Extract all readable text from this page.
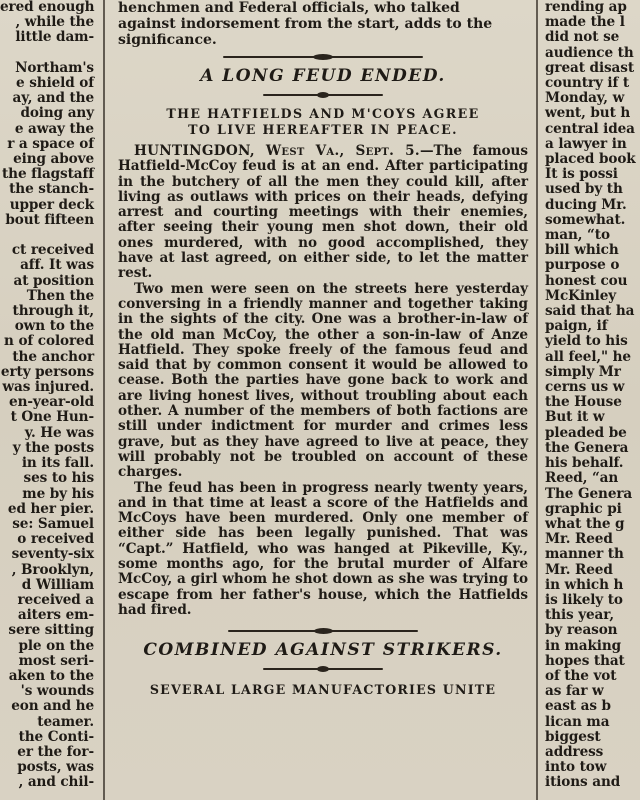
ered enough
, while the
little dam-

Northam's
e shield of
ay, and the
doing any
e away the
r a space of
eing above
the flagstaff
the stanch-
upper deck
bout fifteen

ct received
aff. It was
at position
Then the
through it,
own to the
n of colored
the anchor
erty persons
was injured.
en-year-old
t One Hun-
y. He was
y the posts
in its fall.
ses to his
me by his
ed her pier.
se: Samuel
o received
seventy-six
, Brooklyn,
d William
received a
aiters em-
sere sitting
ple on the
most seri-
aken to the
's wounds
eon and he
teamer.
the Conti-
er the for-
posts, was
, and chil-
henchmen and Federal officials, who talked
against indorsement from the start, adds to the
significance.
A LONG FEUD ENDED.
THE HATFIELDS AND M'COYS AGREE
TO LIVE HEREAFTER IN PEACE.

HUNTINGDON, West Va., Sept. 5.—The famous Hatfield-McCoy feud is at an end. After participating in the butchery of all the men they could kill, after living as outlaws with prices on their heads, defying arrest and courting meetings with their enemies, after seeing their young men shot down, their old ones murdered, with no good accomplished, they have at last agreed, on either side, to let the matter rest.

Two men were seen on the streets here yesterday conversing in a friendly manner and together taking in the sights of the city. One was a brother-in-law of the old man McCoy, the other a son-in-law of Anze Hatfield. They spoke freely of the famous feud and said that by common consent it would be allowed to cease. Both the parties have gone back to work and are living honest lives, without troubling about each other. A number of the members of both factions are still under indictment for murder and crimes less grave, but as they have agreed to live at peace, they will probably not be troubled on account of these charges.

The feud has been in progress nearly twenty years, and in that time at least a score of the Hatfields and McCoys have been murdered. Only one member of either side has been legally punished. That was “Capt.” Hatfield, who was hanged at Pikeville, Ky., some months ago, for the brutal murder of Alfare McCoy, a girl whom he shot down as she was trying to escape from her father's house, which the Hatfields had fired.

COMBINED AGAINST STRIKERS.
SEVERAL LARGE MANUFACTORIES UNITE
rending ap
made the l
did not se
audience th
great disast
country if t
Monday, w
went, but h
central idea
a lawyer in
placed book
It is possi
used by th
ducing Mr.
somewhat.
man, “to
bill which
purpose o
honest cou
McKinley
said that ha
paign, if
yield to his
all feel," he
simply Mr
cerns us w
the House
But it w
pleaded be
the Genera
his behalf.
Reed, “an
The Genera
graphic pi
what the g
Mr. Reed
manner th
Mr. Reed
in which h
is likely to
this year,
by reason
in making
hopes that
of the vot
as far w
east as b
lican ma
biggest
address
into tow
itions and
